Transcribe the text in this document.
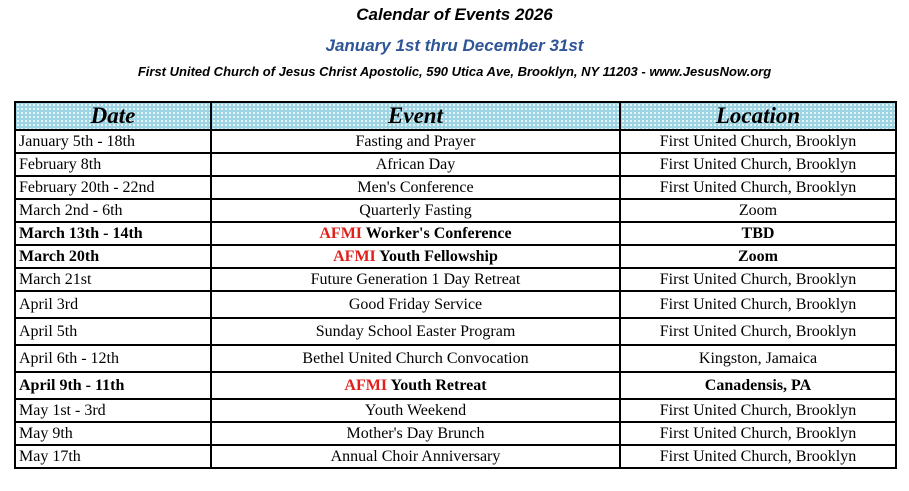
Calendar of Events 2026
January 1st thru December 31st
First United Church of Jesus Christ Apostolic, 590 Utica Ave, Brooklyn, NY 11203 - www.JesusNow.org
Date	Event	Location
January 5th - 18th	Fasting and Prayer	First United Church, Brooklyn
February 8th	African Day	First United Church, Brooklyn
February 20th - 22nd	Men's Conference	First United Church, Brooklyn
March 2nd - 6th	Quarterly Fasting	Zoom
March 13th - 14th	AFMI Worker's Conference	TBD
March 20th	AFMI Youth Fellowship	Zoom
March 21st	Future Generation 1 Day Retreat	First United Church, Brooklyn
April 3rd	Good Friday Service	First United Church, Brooklyn
April 5th	Sunday School Easter Program	First United Church, Brooklyn
April 6th - 12th	Bethel United Church Convocation	Kingston, Jamaica
April 9th - 11th	AFMI Youth Retreat	Canadensis, PA
May 1st - 3rd	Youth Weekend	First United Church, Brooklyn
May 9th	Mother's Day Brunch	First United Church, Brooklyn
May 17th	Annual Choir Anniversary	First United Church, Brooklyn
